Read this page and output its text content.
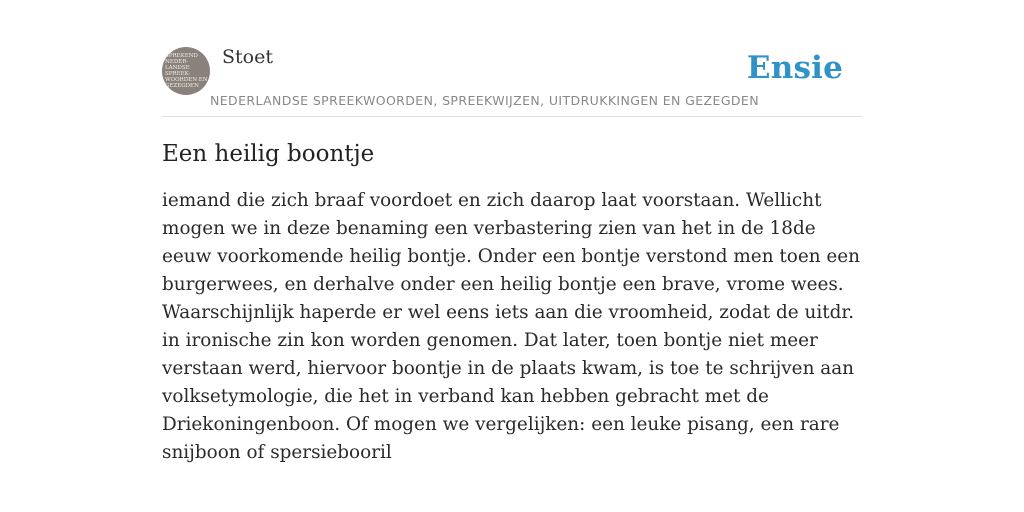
SPREKEND
NEDER-
LANDSE
SPREEK-
WOORDEN EN
GEZEGDEN
Stoet
NEDERLANDSE SPREEKWOORDEN, SPREEKWIJZEN, UITDRUKKINGEN EN GEZEGDEN
Ensie
Een heilig boontje
iemand die zich braaf voordoet en zich daarop laat voorstaan. Wellicht mogen we in deze benaming een verbastering zien van het in de 18de eeuw voorkomende heilig bontje. Onder een bontje verstond men toen een burgerwees, en derhalve onder een heilig bontje een brave, vrome wees. Waarschijnlijk haperde er wel eens iets aan die vroomheid, zodat de uitdr. in ironische zin kon worden genomen. Dat later, toen bontje niet meer verstaan werd, hiervoor boontje in de plaats kwam, is toe te schrijven aan volksetymologie, die het in verband kan hebben gebracht met de Driekoningenboon. Of mogen we vergelijken: een leuke pisang, een rare snijboon of spersiebooril
